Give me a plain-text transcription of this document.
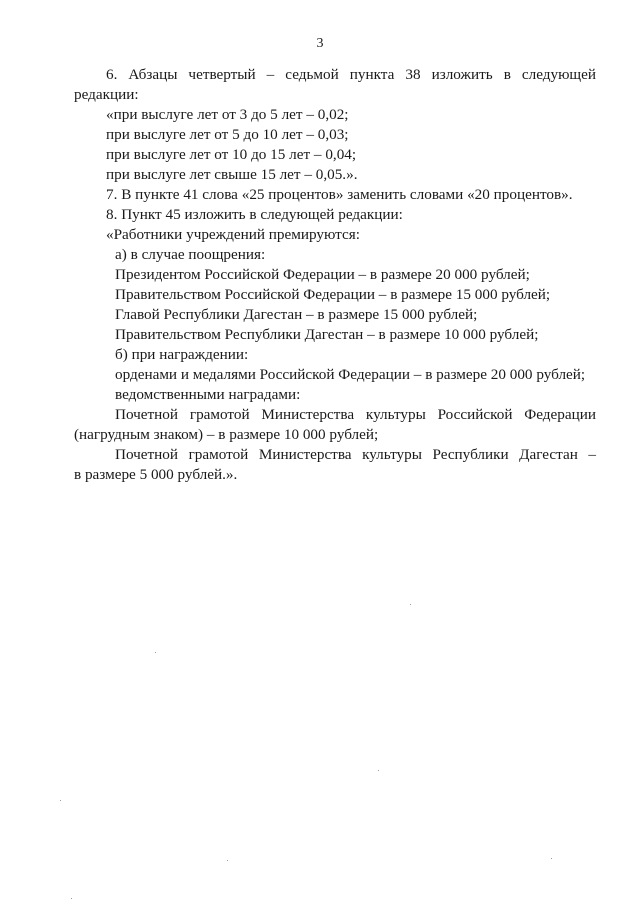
3
6. Абзацы четвертый – седьмой пункта 38 изложить в следующей
редакции:
«при выслуге лет от 3 до 5 лет – 0,02;
при выслуге лет от 5 до 10 лет – 0,03;
при выслуге лет от 10 до 15 лет – 0,04;
при выслуге лет свыше 15 лет – 0,05.».
7. В пункте 41 слова «25 процентов» заменить словами «20 процентов».
8. Пункт 45 изложить в следующей редакции:
«Работники учреждений премируются:
а) в случае поощрения:
Президентом Российской Федерации – в размере 20 000 рублей;
Правительством Российской Федерации – в размере 15 000 рублей;
Главой Республики Дагестан – в размере 15 000 рублей;
Правительством Республики Дагестан – в размере 10 000 рублей;
б) при награждении:
орденами и медалями Российской Федерации – в размере 20 000 рублей;
ведомственными наградами:
Почетной грамотой Министерства культуры Российской Федерации
(нагрудным знаком) – в размере 10 000 рублей;
Почетной грамотой Министерства культуры Республики Дагестан –
в размере 5 000 рублей.».
